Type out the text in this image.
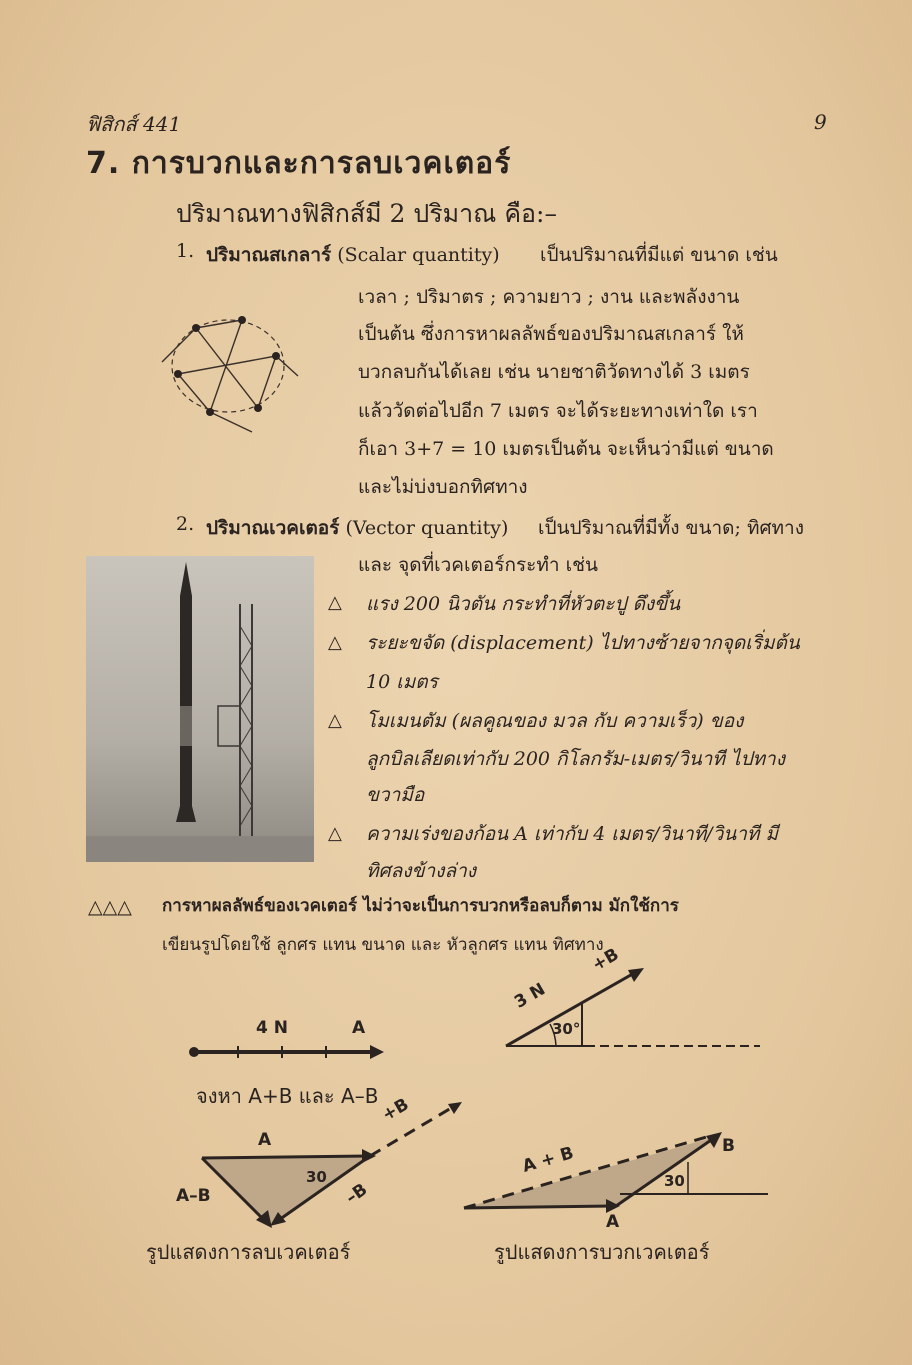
ฟิสิกส์ 441	9
7. การบวกและการลบเวคเตอร์
ปริมาณทางฟิสิกส์มี 2 ปริมาณ คือ:–
1. ปริมาณสเกลาร์ (Scalar quantity) เป็นปริมาณที่มีแต่ ขนาด เช่น
เวลา ; ปริมาตร ; ความยาว ; งาน และพลังงาน
เป็นต้น ซึ่งการหาผลลัพธ์ของปริมาณสเกลาร์ ให้
บวกลบกันได้เลย เช่น นายชาติวัดทางได้ 3 เมตร
แล้ววัดต่อไปอีก 7 เมตร จะได้ระยะทางเท่าใด เรา
ก็เอา 3+7 = 10 เมตรเป็นต้น จะเห็นว่ามีแต่ ขนาด
และไม่บ่งบอกทิศทาง
2. ปริมาณเวคเตอร์ (Vector quantity) เป็นปริมาณที่มีทั้ง ขนาด; ทิศทาง
และ จุดที่เวคเตอร์กระทำ เช่น
△ แรง 200 นิวตัน กระทำที่หัวตะปู ดึงขึ้น
△ ระยะขจัด (displacement) ไปทางซ้ายจากจุดเริ่มต้น
10 เมตร
△ โมเมนตัม (ผลคูณของ มวล กับ ความเร็ว) ของ
ลูกบิลเลียดเท่ากับ 200 กิโลกรัม-เมตร/วินาที ไปทาง
ขวามือ
△ ความเร่งของก้อน A เท่ากับ 4 เมตร/วินาที/วินาที มี
ทิศลงข้างล่าง
△△△ การหาผลลัพธ์ของเวคเตอร์ ไม่ว่าจะเป็นการบวกหรือลบก็ตาม มักใช้การ
เขียนรูปโดยใช้ ลูกศร แทน ขนาด และ หัวลูกศร แทน ทิศทาง
4 N	A
3 N
+B
30°
จงหา A+B และ A–B
A
+B
–B
A–B
30
รูปแสดงการลบเวคเตอร์
A
B
A + B
30
รูปแสดงการบวกเวคเตอร์
